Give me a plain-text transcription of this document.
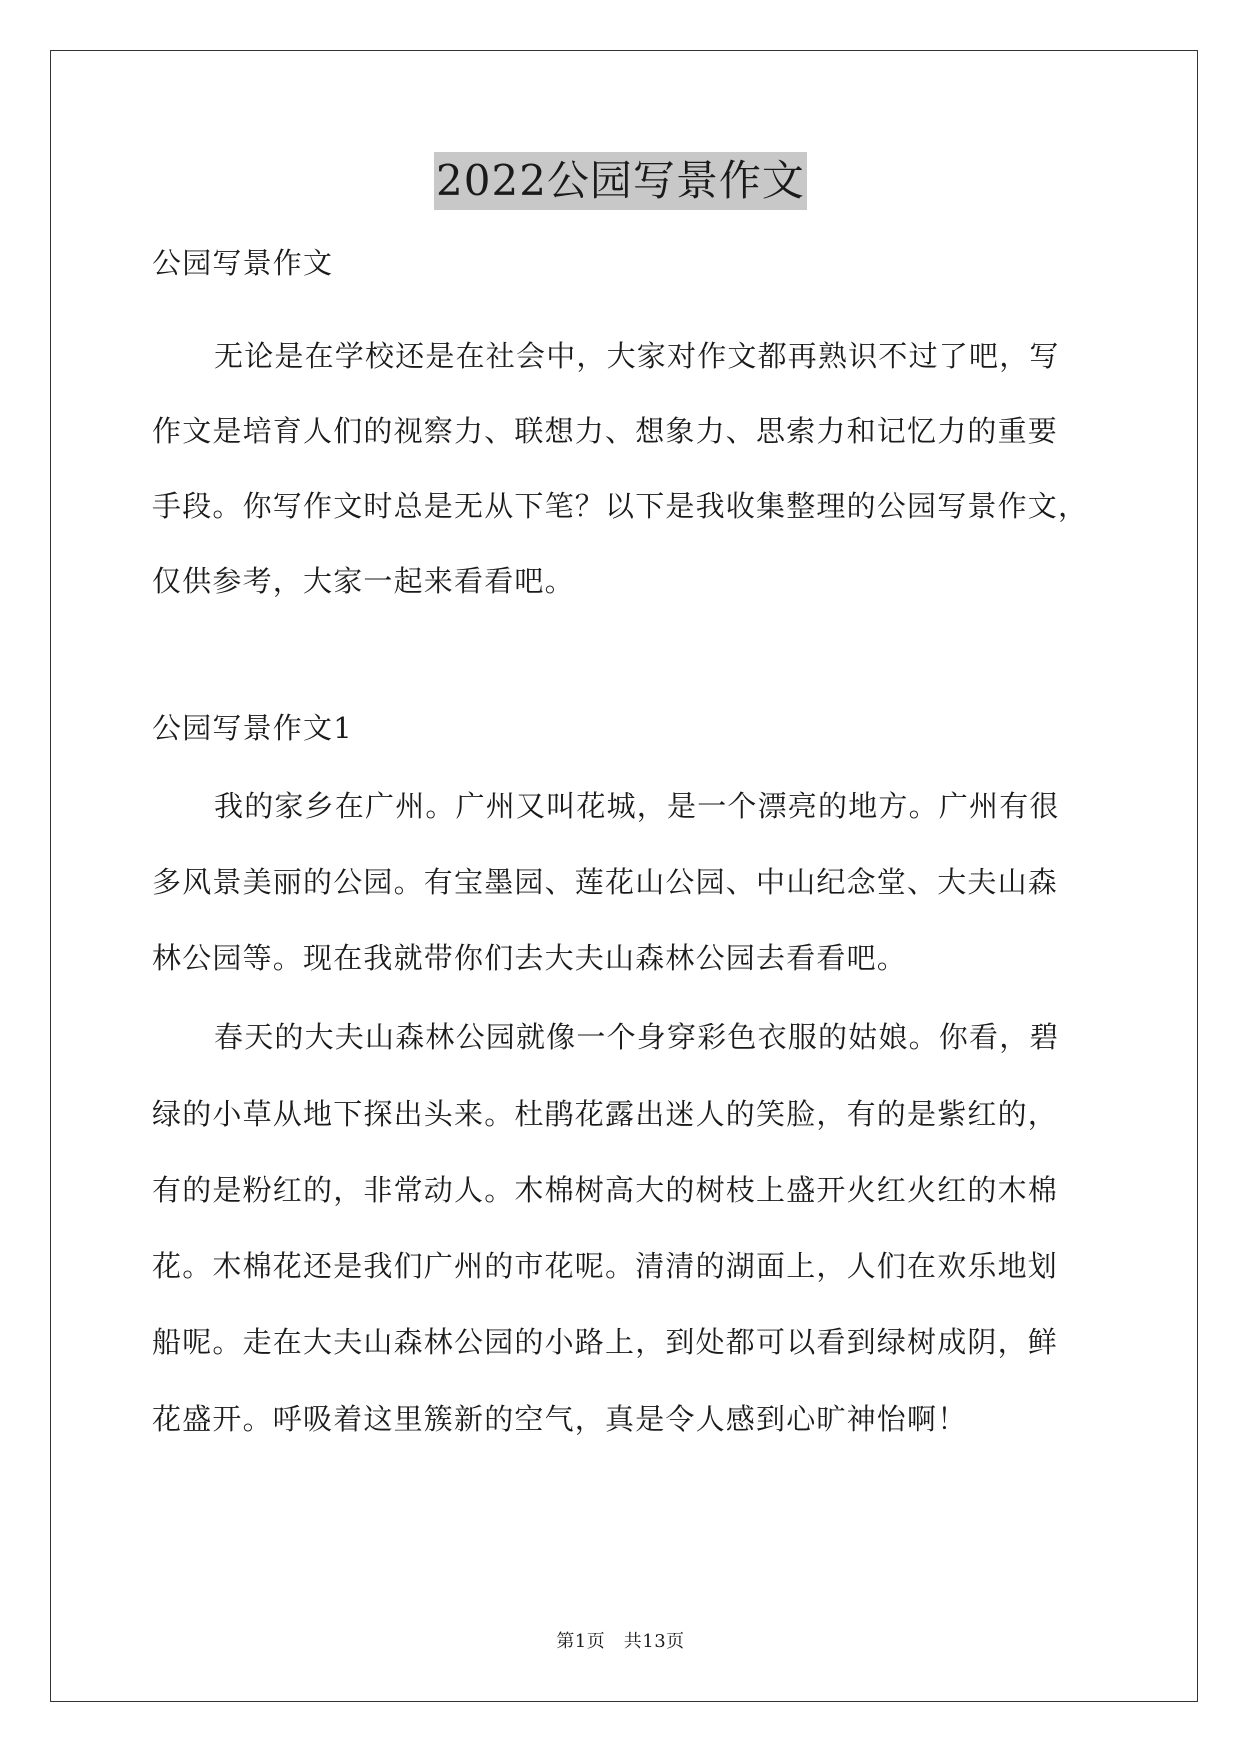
2022公园写景作文
公园写景作文
无论是在学校还是在社会中，大家对作文都再熟识不过了吧，写
作文是培育人们的视察力、联想力、想象力、思索力和记忆力的重要
手段。你写作文时总是无从下笔？以下是我收集整理的公园写景作文，
仅供参考，大家一起来看看吧。
公园写景作文1
我的家乡在广州。广州又叫花城，是一个漂亮的地方。广州有很
多风景美丽的公园。有宝墨园、莲花山公园、中山纪念堂、大夫山森
林公园等。现在我就带你们去大夫山森林公园去看看吧。
春天的大夫山森林公园就像一个身穿彩色衣服的姑娘。你看，碧
绿的小草从地下探出头来。杜鹃花露出迷人的笑脸，有的是紫红的，
有的是粉红的，非常动人。木棉树高大的树枝上盛开火红火红的木棉
花。木棉花还是我们广州的市花呢。清清的湖面上，人们在欢乐地划
船呢。走在大夫山森林公园的小路上，到处都可以看到绿树成阴，鲜
花盛开。呼吸着这里簇新的空气，真是令人感到心旷神怡啊！
第1页　共13页
